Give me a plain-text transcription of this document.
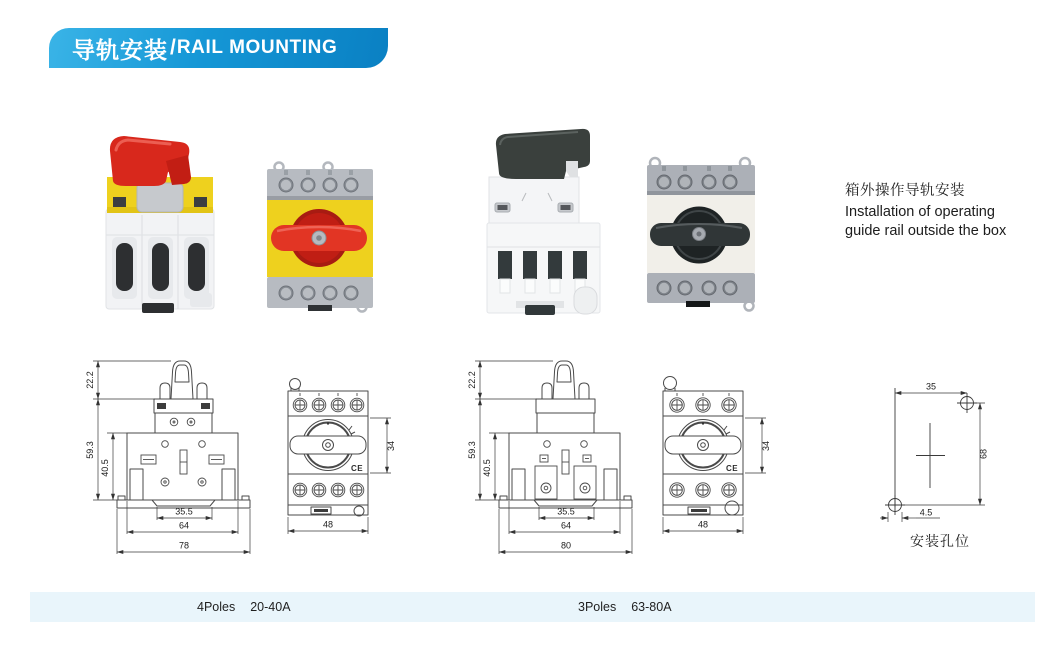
导轨安装 / RAIL MOUNTING
箱外操作导轨安装
Installation of operating
guide rail outside the box
22.2
59.3
40.5
35.5
64
78
CE
34
48
22.2
59.3
40.5
35.5
64
80
CE
34
48
35
68
4.5
安装孔位
4Poles 20-40A	3Poles 63-80A
